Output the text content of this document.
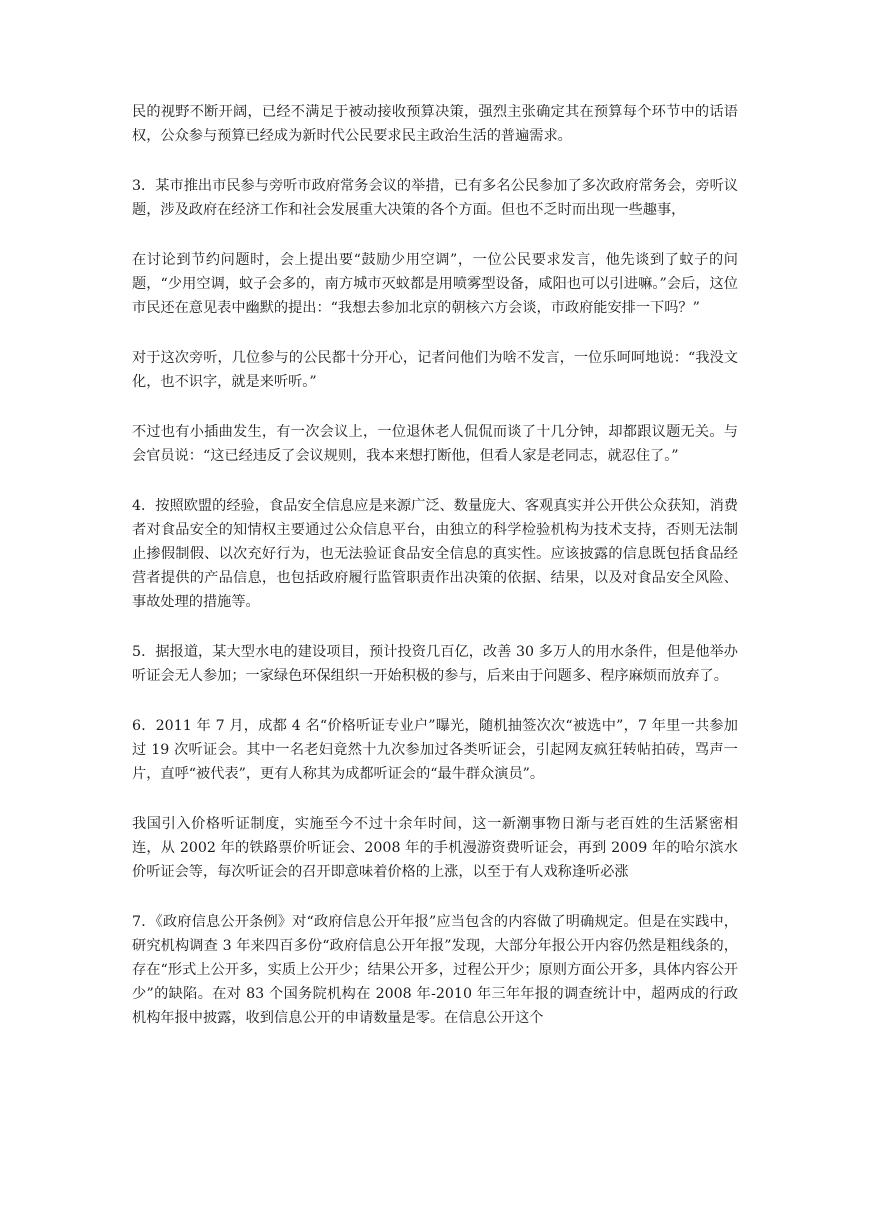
民的视野不断开阔，已经不满足于被动接收预算决策，强烈主张确定其在预算每个环节中的话语权，公众参与预算已经成为新时代公民要求民主政治生活的普遍需求。

3．某市推出市民参与旁听市政府常务会议的举措，已有多名公民参加了多次政府常务会，旁听议题，涉及政府在经济工作和社会发展重大决策的各个方面。但也不乏时而出现一些趣事，

在讨论到节约问题时，会上提出要“鼓励少用空调”，一位公民要求发言，他先谈到了蚊子的问题，“少用空调，蚊子会多的，南方城市灭蚊都是用喷雾型设备，咸阳也可以引进嘛。”会后，这位市民还在意见表中幽默的提出：“我想去参加北京的朝核六方会谈，市政府能安排一下吗？”

对于这次旁听，几位参与的公民都十分开心，记者问他们为啥不发言，一位乐呵呵地说：“我没文化，也不识字，就是来听听。”

不过也有小插曲发生，有一次会议上，一位退休老人侃侃而谈了十几分钟，却都跟议题无关。与会官员说：“这已经违反了会议规则，我本来想打断他，但看人家是老同志，就忍住了。”

4．按照欧盟的经验，食品安全信息应是来源广泛、数量庞大、客观真实并公开供公众获知，消费者对食品安全的知情权主要通过公众信息平台，由独立的科学检验机构为技术支持，否则无法制止掺假制假、以次充好行为，也无法验证食品安全信息的真实性。应该披露的信息既包括食品经营者提供的产品信息，也包括政府履行监管职责作出决策的依据、结果，以及对食品安全风险、事故处理的措施等。

5．据报道，某大型水电的建设项目，预计投资几百亿，改善 30 多万人的用水条件，但是他举办听证会无人参加；一家绿色环保组织一开始积极的参与，后来由于问题多、程序麻烦而放弃了。

6．2011 年 7 月，成都 4 名“价格听证专业户”曝光，随机抽签次次“被选中”，7 年里一共参加过 19 次听证会。其中一名老妇竟然十九次参加过各类听证会，引起网友疯狂转帖拍砖，骂声一片，直呼“被代表”，更有人称其为成都听证会的“最牛群众演员”。

我国引入价格听证制度，实施至今不过十余年时间，这一新潮事物日渐与老百姓的生活紧密相连，从 2002 年的铁路票价听证会、2008 年的手机漫游资费听证会，再到 2009 年的哈尔滨水价听证会等，每次听证会的召开即意味着价格的上涨，以至于有人戏称逢听必涨

7．《政府信息公开条例》对“政府信息公开年报”应当包含的内容做了明确规定。但是在实践中，研究机构调查 3 年来四百多份“政府信息公开年报”发现，大部分年报公开内容仍然是粗线条的，存在“形式上公开多，实质上公开少；结果公开多，过程公开少；原则方面公开多，具体内容公开少”的缺陷。在对 83 个国务院机构在 2008 年-2010 年三年年报的调查统计中，超两成的行政机构年报中披露，收到信息公开的申请数量是零。在信息公开这个
